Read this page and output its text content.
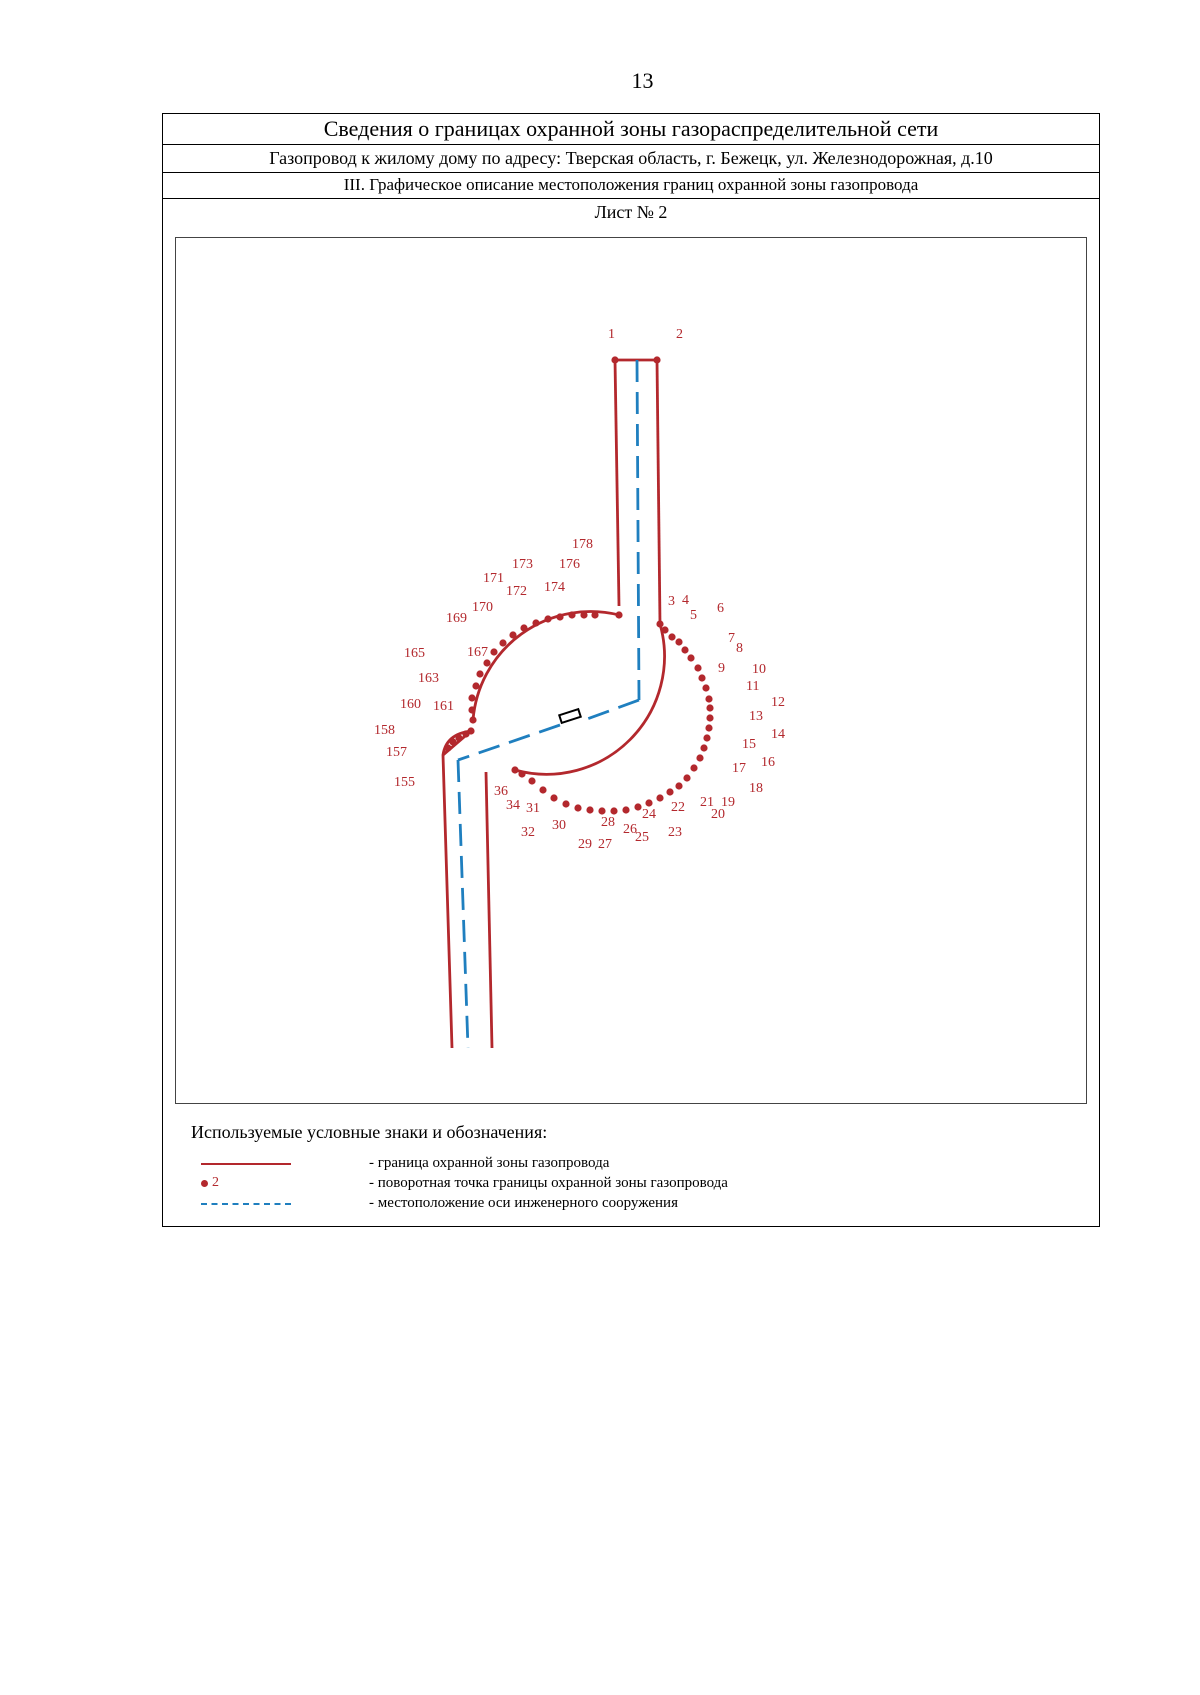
13
Сведения о границах охранной зоны газораспределительной сети
Газопровод к жилому дому по адресу: Тверская область, г. Бежецк, ул. Железнодорожная, д.10
III. Графическое описание местоположения границ охранной зоны газопровода
Лист № 2
1	2
3 4
5 6
7
8
9 10
11
12
13
14
15
16
17
18
19
20
21
22
23
24
25
26
27
28
29
30
31
32
34
36
155
157
158
160 161
163
165	167
169
170
171
172
173
174
176
178
Используемые условные знаки и обозначения:
- граница охранной зоны газопровода
2	- поворотная точка границы охранной зоны газопровода
- местоположение оси инженерного сооружения
